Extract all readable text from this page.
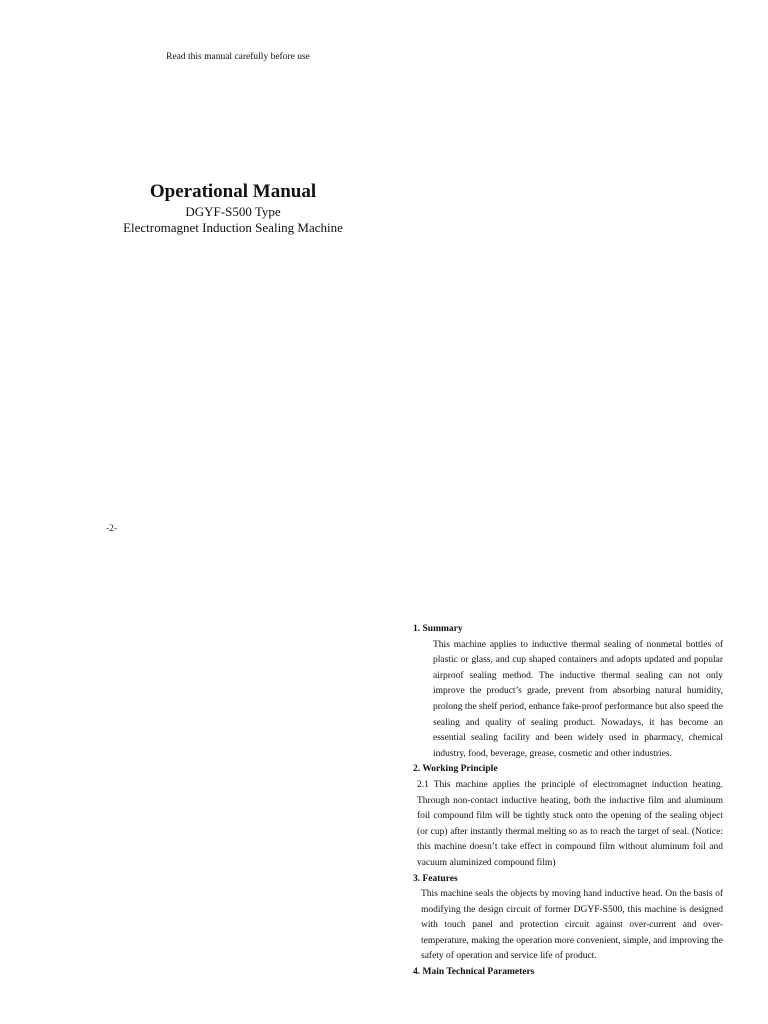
Read this manual carefully before use

Operational Manual

DGYF-S500 Type

Electromagnet Induction Sealing Machine

-2-

1. Summary

This machine applies to inductive thermal sealing of nonmetal bottles of plastic or glass, and cup shaped containers and adopts updated and popular airproof sealing method. The inductive thermal sealing can not only improve the product’s grade, prevent from absorbing natural humidity, prolong the shelf period, enhance fake-proof performance but also speed the sealing and quality of sealing product. Nowadays, it has become an essential sealing facility and been widely used in pharmacy, chemical industry, food, beverage, grease, cosmetic and other industries.

2. Working Principle

2.1 This machine applies the principle of electromagnet induction heating. Through non-contact inductive heating, both the inductive film and aluminum foil compound film will be tightly stuck onto the opening of the sealing object (or cup) after instantly thermal melting so as to reach the target of seal. (Notice: this machine doesn’t take effect in compound film without aluminum foil and vacuum aluminized compound film)

3. Features

This machine seals the objects by moving hand inductive head. On the basis of modifying the design circuit of former DGYF-S500, this machine is designed with touch panel and protection circuit against over-current and over-temperature, making the operation more convenient, simple, and improving the safety of operation and service life of product.

4. Main Technical Parameters
